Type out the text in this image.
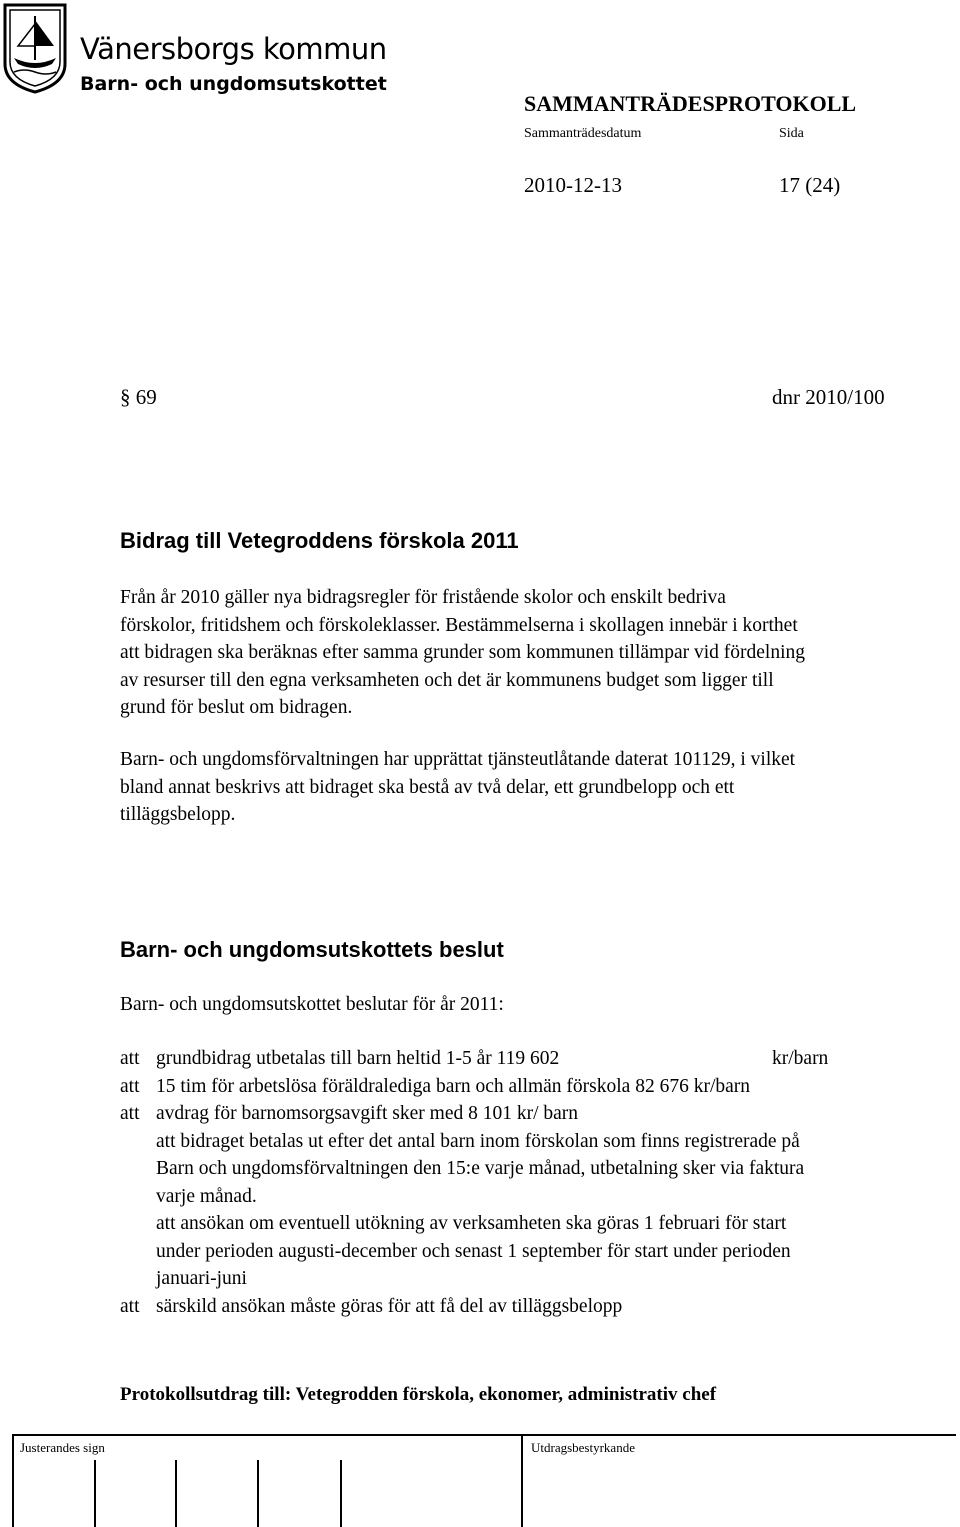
Vänersborgs kommun
Barn- och ungdomsutskottet
SAMMANTRÄDESPROTOKOLL
Sammanträdesdatum	Sida
2010-12-13	17 (24)
§ 69	dnr 2010/100
Bidrag till Vetegroddens förskola 2011
Från år 2010 gäller nya bidragsregler för fristående skolor och enskilt bedriva
förskolor, fritidshem och förskoleklasser. Bestämmelserna i skollagen innebär i korthet
att bidragen ska beräknas efter samma grunder som kommunen tillämpar vid fördelning
av resurser till den egna verksamheten och det är kommunens budget som ligger till
grund för beslut om bidragen.
Barn- och ungdomsförvaltningen har upprättat tjänsteutlåtande daterat 101129, i vilket
bland annat beskrivs att bidraget ska bestå av två delar, ett grundbelopp och ett
tilläggsbelopp.
Barn- och ungdomsutskottets beslut
Barn- och ungdomsutskottet beslutar för år 2011:
att grundbidrag utbetalas till barn heltid 1-5 år 119 602	kr/barn
att 15 tim för arbetslösa föräldralediga barn och allmän förskola 82 676 kr/barn
att avdrag för barnomsorgsavgift sker med 8 101 kr/ barn
att bidraget betalas ut efter det antal barn inom förskolan som finns registrerade på
Barn och ungdomsförvaltningen den 15:e varje månad, utbetalning sker via faktura
varje månad.
att ansökan om eventuell utökning av verksamheten ska göras 1 februari för start
under perioden augusti-december och senast 1 september för start under perioden
januari-juni
att särskild ansökan måste göras för att få del av tilläggsbelopp
Protokollsutdrag till: Vetegrodden förskola, ekonomer, administrativ chef
Justerandes sign	Utdragsbestyrkande
